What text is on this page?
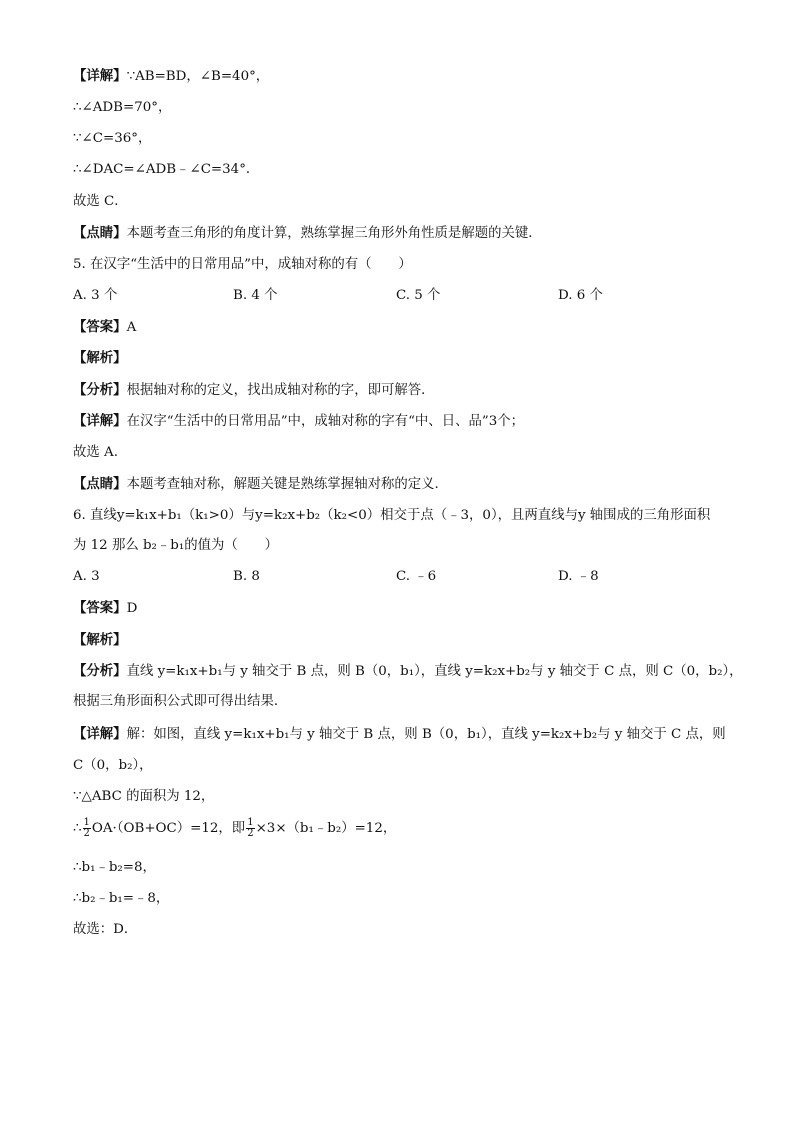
【详解】∵AB=BD，∠B=40°，
∴∠ADB=70°，
∵∠C=36°，
∴∠DAC=∠ADB﹣∠C=34°．
故选 C．
【点睛】本题考查三角形的角度计算，熟练掌握三角形外角性质是解题的关键．
5. 在汉字“生活中的日常用品”中，成轴对称的有（　　）
A. 3 个	B. 4 个	C. 5 个	D. 6 个
【答案】A
【解析】
【分析】根据轴对称的定义，找出成轴对称的字，即可解答．
【详解】在汉字“生活中的日常用品”中，成轴对称的字有“中、日、品”3个；
故选 A.
【点睛】本题考查轴对称，解题关键是熟练掌握轴对称的定义.
6. 直线y=k₁x+b₁（k₁>0）与y=k₂x+b₂（k₂<0）相交于点（﹣3，0），且两直线与y 轴围成的三角形面积
为 12 那么 b₂﹣b₁的值为（　　）
A. 3	B. 8	C. ﹣6	D. ﹣8
【答案】D
【解析】
【分析】直线 y=k₁x+b₁与 y 轴交于 B 点，则 B（0，b₁），直线 y=k₂x+b₂与 y 轴交于 C 点，则 C（0，b₂），
根据三角形面积公式即可得出结果．
【详解】解：如图，直线 y=k₁x+b₁与 y 轴交于 B 点，则 B（0，b₁），直线 y=k₂x+b₂与 y 轴交于 C 点，则
C（0，b₂），
∵△ABC 的面积为 12，
∴ $\frac{1}{2} OA\cdot(OB+OC)=12$，即 $\frac{1}{2}$ ×3×（b₁﹣b₂）=12，
∴b₁﹣b₂=8，
∴b₂﹣b₁=﹣8，
故选：D．
